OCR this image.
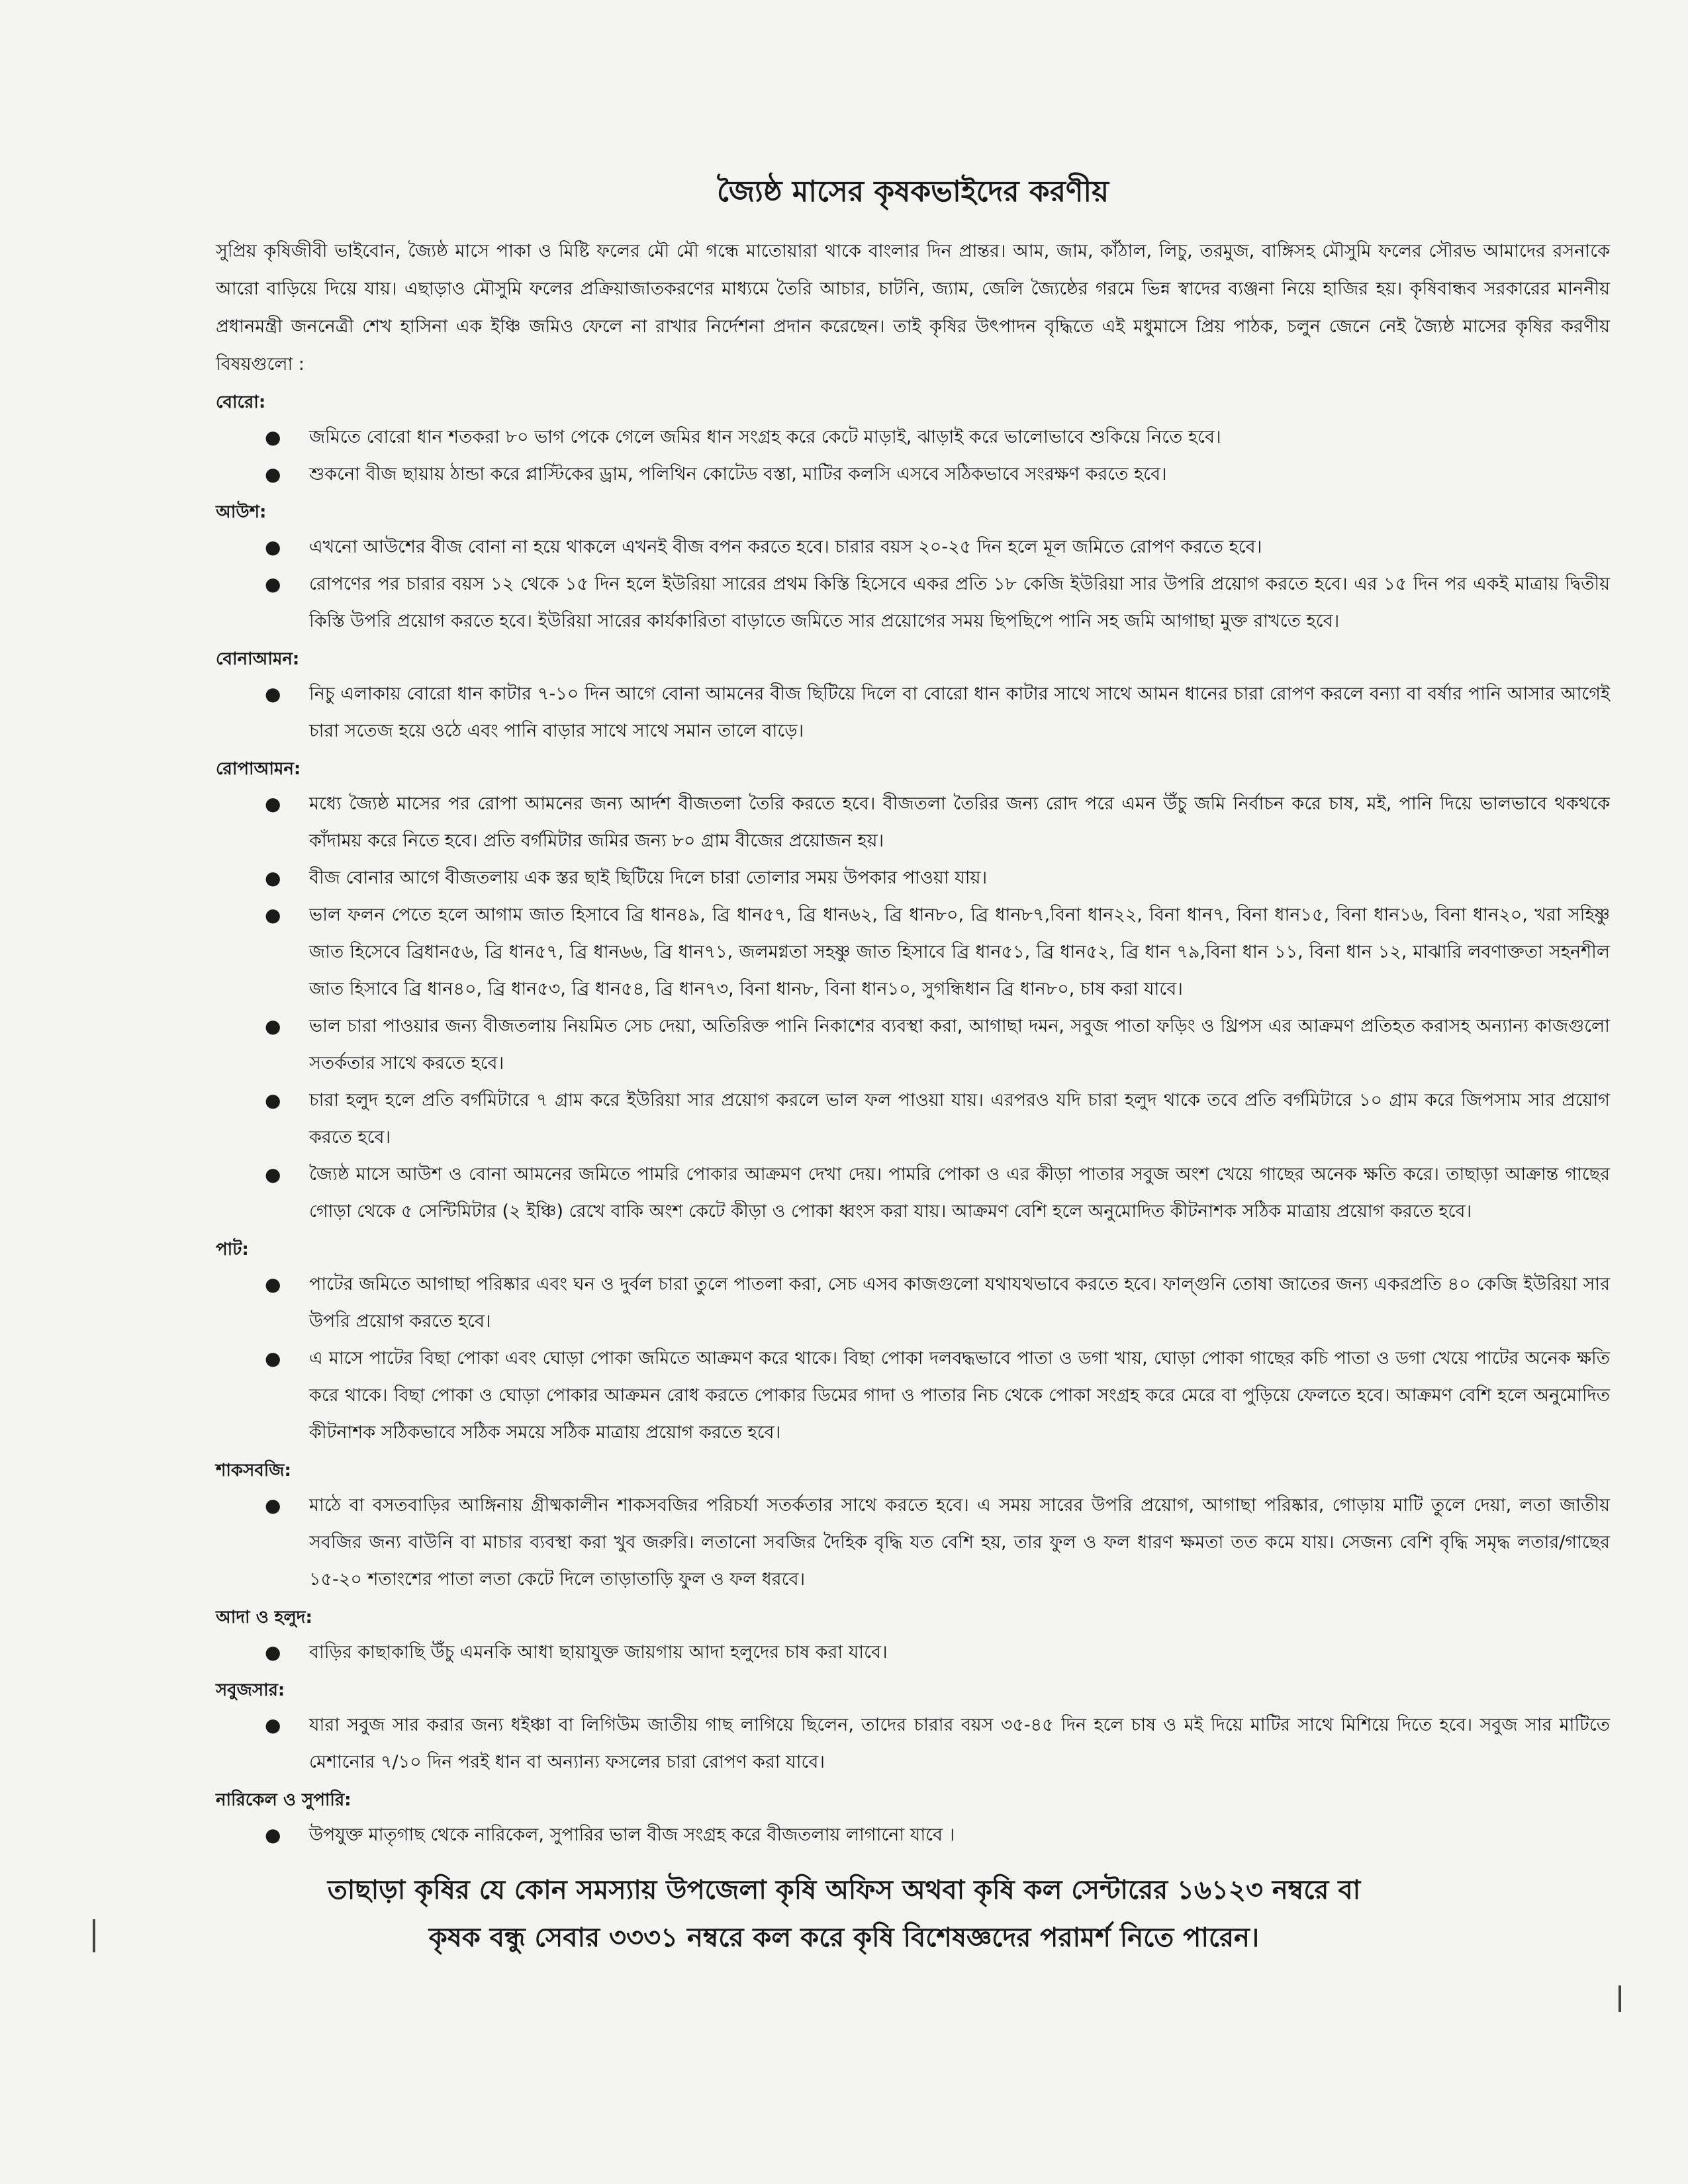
জ্যৈষ্ঠ মাসের কৃষকভাইদের করণীয়

সুপ্রিয় কৃষিজীবী ভাইবোন, জ্যৈষ্ঠ মাসে পাকা ও মিষ্টি ফলের মৌ মৌ গন্ধে মাতোয়ারা থাকে বাংলার দিন প্রান্তর। আম, জাম, কাঁঠাল, লিচু, তরমুজ, বাঙ্গিসহ মৌসুমি ফলের সৌরভ আমাদের রসনাকে আরো বাড়িয়ে দিয়ে যায়। এছাড়াও মৌসুমি ফলের প্রক্রিয়াজাতকরণের মাধ্যমে তৈরি আচার, চাটনি, জ্যাম, জেলি জ্যৈষ্ঠের গরমে ভিন্ন স্বাদের ব্যঞ্জনা নিয়ে হাজির হয়। কৃষিবান্ধব সরকারের মাননীয় প্রধানমন্ত্রী জননেত্রী শেখ হাসিনা এক ইঞ্চি জমিও ফেলে না রাখার নির্দেশনা প্রদান করেছেন। তাই কৃষির উৎপাদন বৃদ্ধিতে এই মধুমাসে প্রিয় পাঠক, চলুন জেনে নেই জ্যৈষ্ঠ মাসের কৃষির করণীয় বিষয়গুলো :

বোরো:
● জমিতে বোরো ধান শতকরা ৮০ ভাগ পেকে গেলে জমির ধান সংগ্রহ করে কেটে মাড়াই, ঝাড়াই করে ভালোভাবে শুকিয়ে নিতে হবে।
● শুকনো বীজ ছায়ায় ঠান্ডা করে প্লাস্টিকের ড্রাম, পলিথিন কোটেড বস্তা, মাটির কলসি এসবে সঠিকভাবে সংরক্ষণ করতে হবে।
আউশ:
● এখনো আউশের বীজ বোনা না হয়ে থাকলে এখনই বীজ বপন করতে হবে। চারার বয়স ২০-২৫ দিন হলে মূল জমিতে রোপণ করতে হবে।
● রোপণের পর চারার বয়স ১২ থেকে ১৫ দিন হলে ইউরিয়া সারের প্রথম কিস্তি হিসেবে একর প্রতি ১৮ কেজি ইউরিয়া সার উপরি প্রয়োগ করতে হবে। এর ১৫ দিন পর একই মাত্রায় দ্বিতীয় কিস্তি উপরি প্রয়োগ করতে হবে। ইউরিয়া সারের কার্যকারিতা বাড়াতে জমিতে সার প্রয়োগের সময় ছিপছিপে পানি সহ জমি আগাছা মুক্ত রাখতে হবে।
বোনাআমন:
● নিচু এলাকায় বোরো ধান কাটার ৭-১০ দিন আগে বোনা আমনের বীজ ছিটিয়ে দিলে বা বোরো ধান কাটার সাথে সাথে আমন ধানের চারা রোপণ করলে বন্যা বা বর্ষার পানি আসার আগেই চারা সতেজ হয়ে ওঠে এবং পানি বাড়ার সাথে সাথে সমান তালে বাড়ে।
রোপাআমন:
● মধ্যে জ্যৈষ্ঠ মাসের পর রোপা আমনের জন্য আর্দশ বীজতলা তৈরি করতে হবে। বীজতলা তৈরির জন্য রোদ পরে এমন উঁচু জমি নির্বাচন করে চাষ, মই, পানি দিয়ে ভালভাবে থকথকে কাঁদাময় করে নিতে হবে। প্রতি বর্গমিটার জমির জন্য ৮০ গ্রাম বীজের প্রয়োজন হয়।
● বীজ বোনার আগে বীজতলায় এক স্তর ছাই ছিটিয়ে দিলে চারা তোলার সময় উপকার পাওয়া যায়।
● ভাল ফলন পেতে হলে আগাম জাত হিসাবে ব্রি ধান৪৯, ব্রি ধান৫৭, ব্রি ধান৬২, ব্রি ধান৮০, ব্রি ধান৮৭,বিনা ধান২২, বিনা ধান৭, বিনা ধান১৫, বিনা ধান১৬, বিনা ধান২০, খরা সহিষ্ণু জাত হিসেবে ব্রিধান৫৬, ব্রি ধান৫৭, ব্রি ধান৬৬, ব্রি ধান৭১, জলমগ্নতা সহষ্ণু জাত হিসাবে ব্রি ধান৫১, ব্রি ধান৫২, ব্রি ধান ৭৯,বিনা ধান ১১, বিনা ধান ১২, মাঝারি লবণাক্ততা সহনশীল জাত হিসাবে ব্রি ধান৪০, ব্রি ধান৫৩, ব্রি ধান৫৪, ব্রি ধান৭৩, বিনা ধান৮, বিনা ধান১০, সুগন্ধিধান ব্রি ধান৮০, চাষ করা যাবে।
● ভাল চারা পাওয়ার জন্য বীজতলায় নিয়মিত সেচ দেয়া, অতিরিক্ত পানি নিকাশের ব্যবস্থা করা, আগাছা দমন, সবুজ পাতা ফড়িং ও থ্রিপস এর আক্রমণ প্রতিহত করাসহ অন্যান্য কাজগুলো সতর্কতার সাথে করতে হবে।
● চারা হলুদ হলে প্রতি বর্গমিটারে ৭ গ্রাম করে ইউরিয়া সার প্রয়োগ করলে ভাল ফল পাওয়া যায়। এরপরও যদি চারা হলুদ থাকে তবে প্রতি বর্গমিটারে ১০ গ্রাম করে জিপসাম সার প্রয়োগ করতে হবে।
● জ্যৈষ্ঠ মাসে আউশ ও বোনা আমনের জমিতে পামরি পোকার আক্রমণ দেখা দেয়। পামরি পোকা ও এর কীড়া পাতার সবুজ অংশ খেয়ে গাছের অনেক ক্ষতি করে। তাছাড়া আক্রান্ত গাছের গোড়া থেকে ৫ সেন্টিমিটার (২ ইঞ্চি) রেখে বাকি অংশ কেটে কীড়া ও পোকা ধ্বংস করা যায়। আক্রমণ বেশি হলে অনুমোদিত কীটনাশক সঠিক মাত্রায় প্রয়োগ করতে হবে।
পাট:
● পাটের জমিতে আগাছা পরিষ্কার এবং ঘন ও দুর্বল চারা তুলে পাতলা করা, সেচ এসব কাজগুলো যথাযথভাবে করতে হবে। ফাল্গুনি তোষা জাতের জন্য একরপ্রতি ৪০ কেজি ইউরিয়া সার উপরি প্রয়োগ করতে হবে।
● এ মাসে পাটের বিছা পোকা এবং ঘোড়া পোকা জমিতে আক্রমণ করে থাকে। বিছা পোকা দলবদ্ধভাবে পাতা ও ডগা খায়, ঘোড়া পোকা গাছের কচি পাতা ও ডগা খেয়ে পাটের অনেক ক্ষতি করে থাকে। বিছা পোকা ও ঘোড়া পোকার আক্রমন রোধ করতে পোকার ডিমের গাদা ও পাতার নিচ থেকে পোকা সংগ্রহ করে মেরে বা পুড়িয়ে ফেলতে হবে। আক্রমণ বেশি হলে অনুমোদিত কীটনাশক সঠিকভাবে সঠিক সময়ে সঠিক মাত্রায় প্রয়োগ করতে হবে।
শাকসবজি:
● মাঠে বা বসতবাড়ির আঙ্গিনায় গ্রীষ্মকালীন শাকসবজির পরিচর্যা সতর্কতার সাথে করতে হবে। এ সময় সারের উপরি প্রয়োগ, আগাছা পরিষ্কার, গোড়ায় মাটি তুলে দেয়া, লতা জাতীয় সবজির জন্য বাউনি বা মাচার ব্যবস্থা করা খুব জরুরি। লতানো সবজির দৈহিক বৃদ্ধি যত বেশি হয়, তার ফুল ও ফল ধারণ ক্ষমতা তত কমে যায়। সেজন্য বেশি বৃদ্ধি সমৃদ্ধ লতার/গাছের ১৫-২০ শতাংশের পাতা লতা কেটে দিলে তাড়াতাড়ি ফুল ও ফল ধরবে।
আদা ও হলুদ:
● বাড়ির কাছাকাছি উঁচু এমনকি আধা ছায়াযুক্ত জায়গায় আদা হলুদের চাষ করা যাবে।
সবুজসার:
● যারা সবুজ সার করার জন্য ধইঞ্চা বা লিগিউম জাতীয় গাছ লাগিয়ে ছিলেন, তাদের চারার বয়স ৩৫-৪৫ দিন হলে চাষ ও মই দিয়ে মাটির সাথে মিশিয়ে দিতে হবে। সবুজ সার মাটিতে মেশানোর ৭/১০ দিন পরই ধান বা অন্যান্য ফসলের চারা রোপণ করা যাবে।
নারিকেল ও সুপারি:
● উপযুক্ত মাতৃগাছ থেকে নারিকেল, সুপারির ভাল বীজ সংগ্রহ করে বীজতলায় লাগানো যাবে ।
তাছাড়া কৃষির যে কোন সমস্যায় উপজেলা কৃষি অফিস অথবা কৃষি কল সেন্টারের ১৬১২৩ নম্বরে বা
কৃষক বন্ধু সেবার ৩৩৩১ নম্বরে কল করে কৃষি বিশেষজ্ঞদের পরামর্শ নিতে পারেন।
